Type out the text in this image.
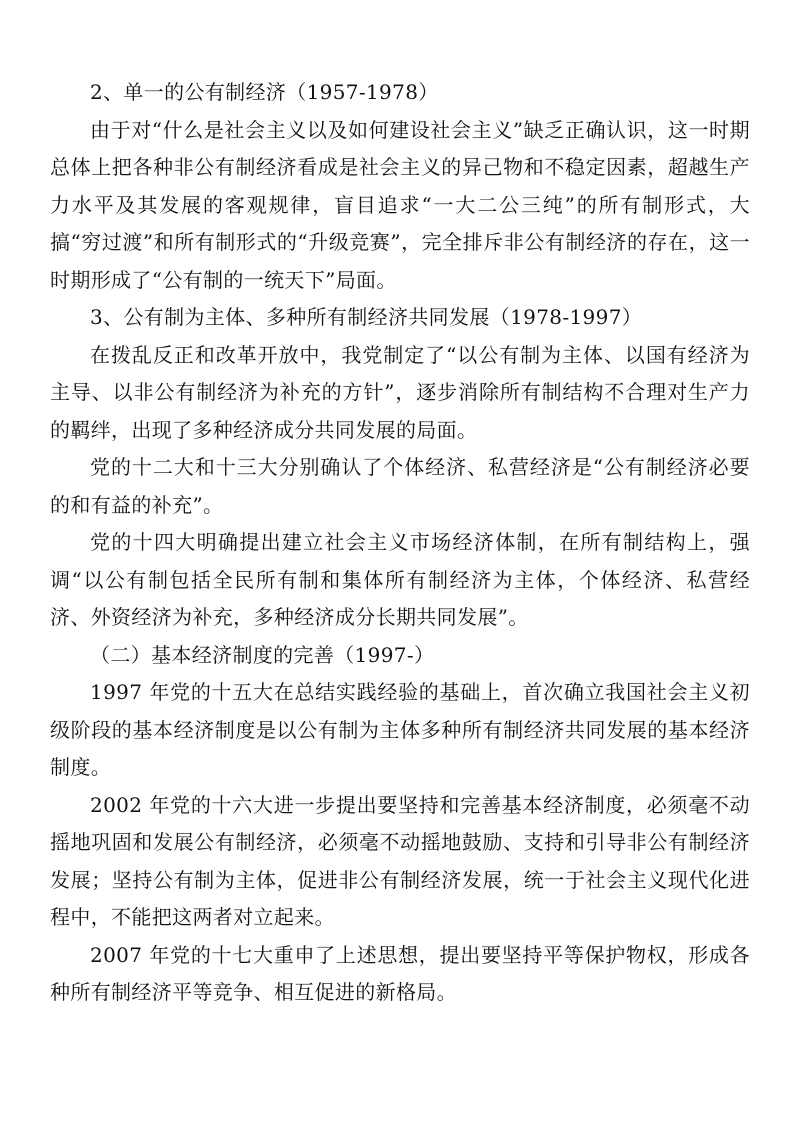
2、单一的公有制经济（1957-1978）

由于对“什么是社会主义以及如何建设社会主义”缺乏正确认识，这一时期总体上把各种非公有制经济看成是社会主义的异己物和不稳定因素，超越生产力水平及其发展的客观规律，盲目追求“一大二公三纯”的所有制形式，大搞“穷过渡”和所有制形式的“升级竞赛”，完全排斥非公有制经济的存在，这一时期形成了“公有制的一统天下”局面。

3、公有制为主体、多种所有制经济共同发展（1978-1997）

在拨乱反正和改革开放中，我党制定了“以公有制为主体、以国有经济为主导、以非公有制经济为补充的方针”，逐步消除所有制结构不合理对生产力的羁绊，出现了多种经济成分共同发展的局面。

党的十二大和十三大分别确认了个体经济、私营经济是“公有制经济必要的和有益的补充”。

党的十四大明确提出建立社会主义市场经济体制，在所有制结构上，强调“以公有制包括全民所有制和集体所有制经济为主体，个体经济、私营经济、外资经济为补充，多种经济成分长期共同发展”。

（二）基本经济制度的完善（1997-）

1997 年党的十五大在总结实践经验的基础上，首次确立我国社会主义初级阶段的基本经济制度是以公有制为主体多种所有制经济共同发展的基本经济制度。

2002 年党的十六大进一步提出要坚持和完善基本经济制度，必须毫不动摇地巩固和发展公有制经济，必须毫不动摇地鼓励、支持和引导非公有制经济发展；坚持公有制为主体，促进非公有制经济发展，统一于社会主义现代化进程中，不能把这两者对立起来。

2007 年党的十七大重申了上述思想，提出要坚持平等保护物权，形成各种所有制经济平等竞争、相互促进的新格局。
